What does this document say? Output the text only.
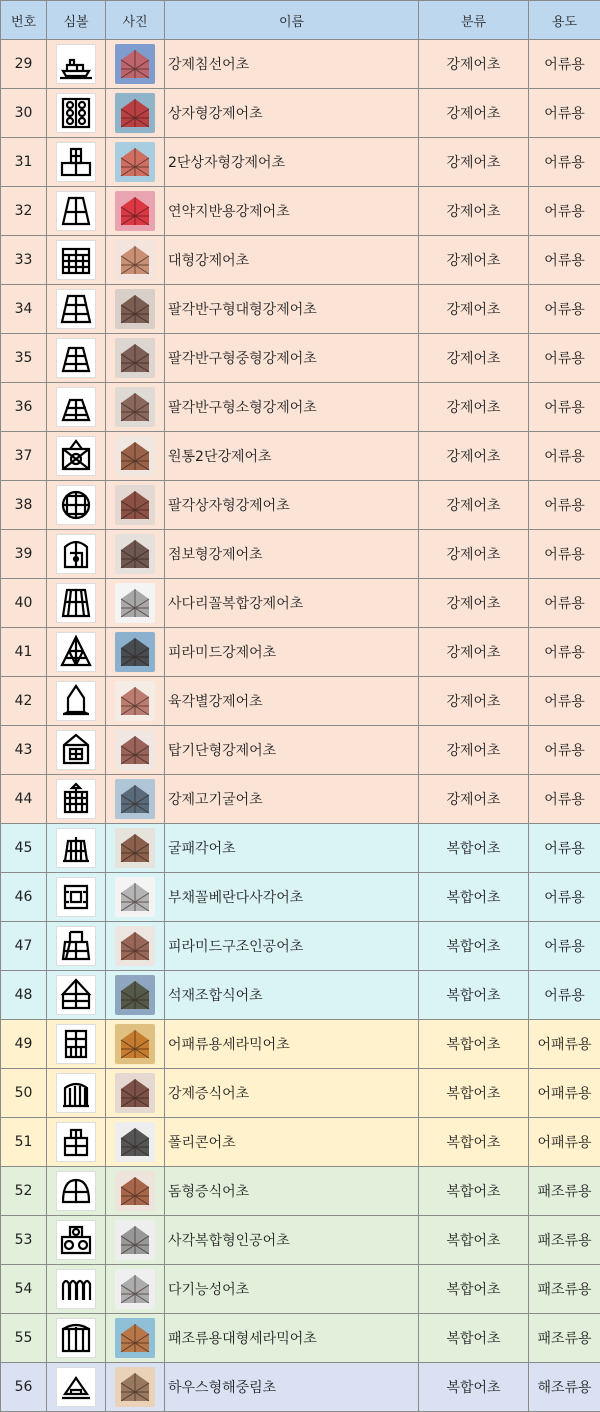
번호	심볼	사진	이름	분류	용도
29			강제침선어초	강제어초	어류용
30			상자형강제어초	강제어초	어류용
31			2단상자형강제어초	강제어초	어류용
32			연약지반용강제어초	강제어초	어류용
33			대형강제어초	강제어초	어류용
34			팔각반구형대형강제어초	강제어초	어류용
35			팔각반구형중형강제어초	강제어초	어류용
36			팔각반구형소형강제어초	강제어초	어류용
37			원통2단강제어초	강제어초	어류용
38			팔각상자형강제어초	강제어초	어류용
39			점보형강제어초	강제어초	어류용
40			사다리꼴복합강제어초	강제어초	어류용
41			피라미드강제어초	강제어초	어류용
42			육각별강제어초	강제어초	어류용
43			탑기단형강제어초	강제어초	어류용
44			강제고기굴어초	강제어초	어류용
45			굴패각어초	복합어초	어류용
46			부채꼴베란다사각어초	복합어초	어류용
47			피라미드구조인공어초	복합어초	어류용
48			석재조합식어초	복합어초	어류용
49			어패류용세라믹어초	복합어초	어패류용
50			강제증식어초	복합어초	어패류용
51			폴리콘어초	복합어초	어패류용
52			돔형증식어초	복합어초	패조류용
53			사각복합형인공어초	복합어초	패조류용
54			다기능성어초	복합어초	패조류용
55			패조류용대형세라믹어초	복합어초	패조류용
56			하우스형해중림초	복합어초	해조류용
